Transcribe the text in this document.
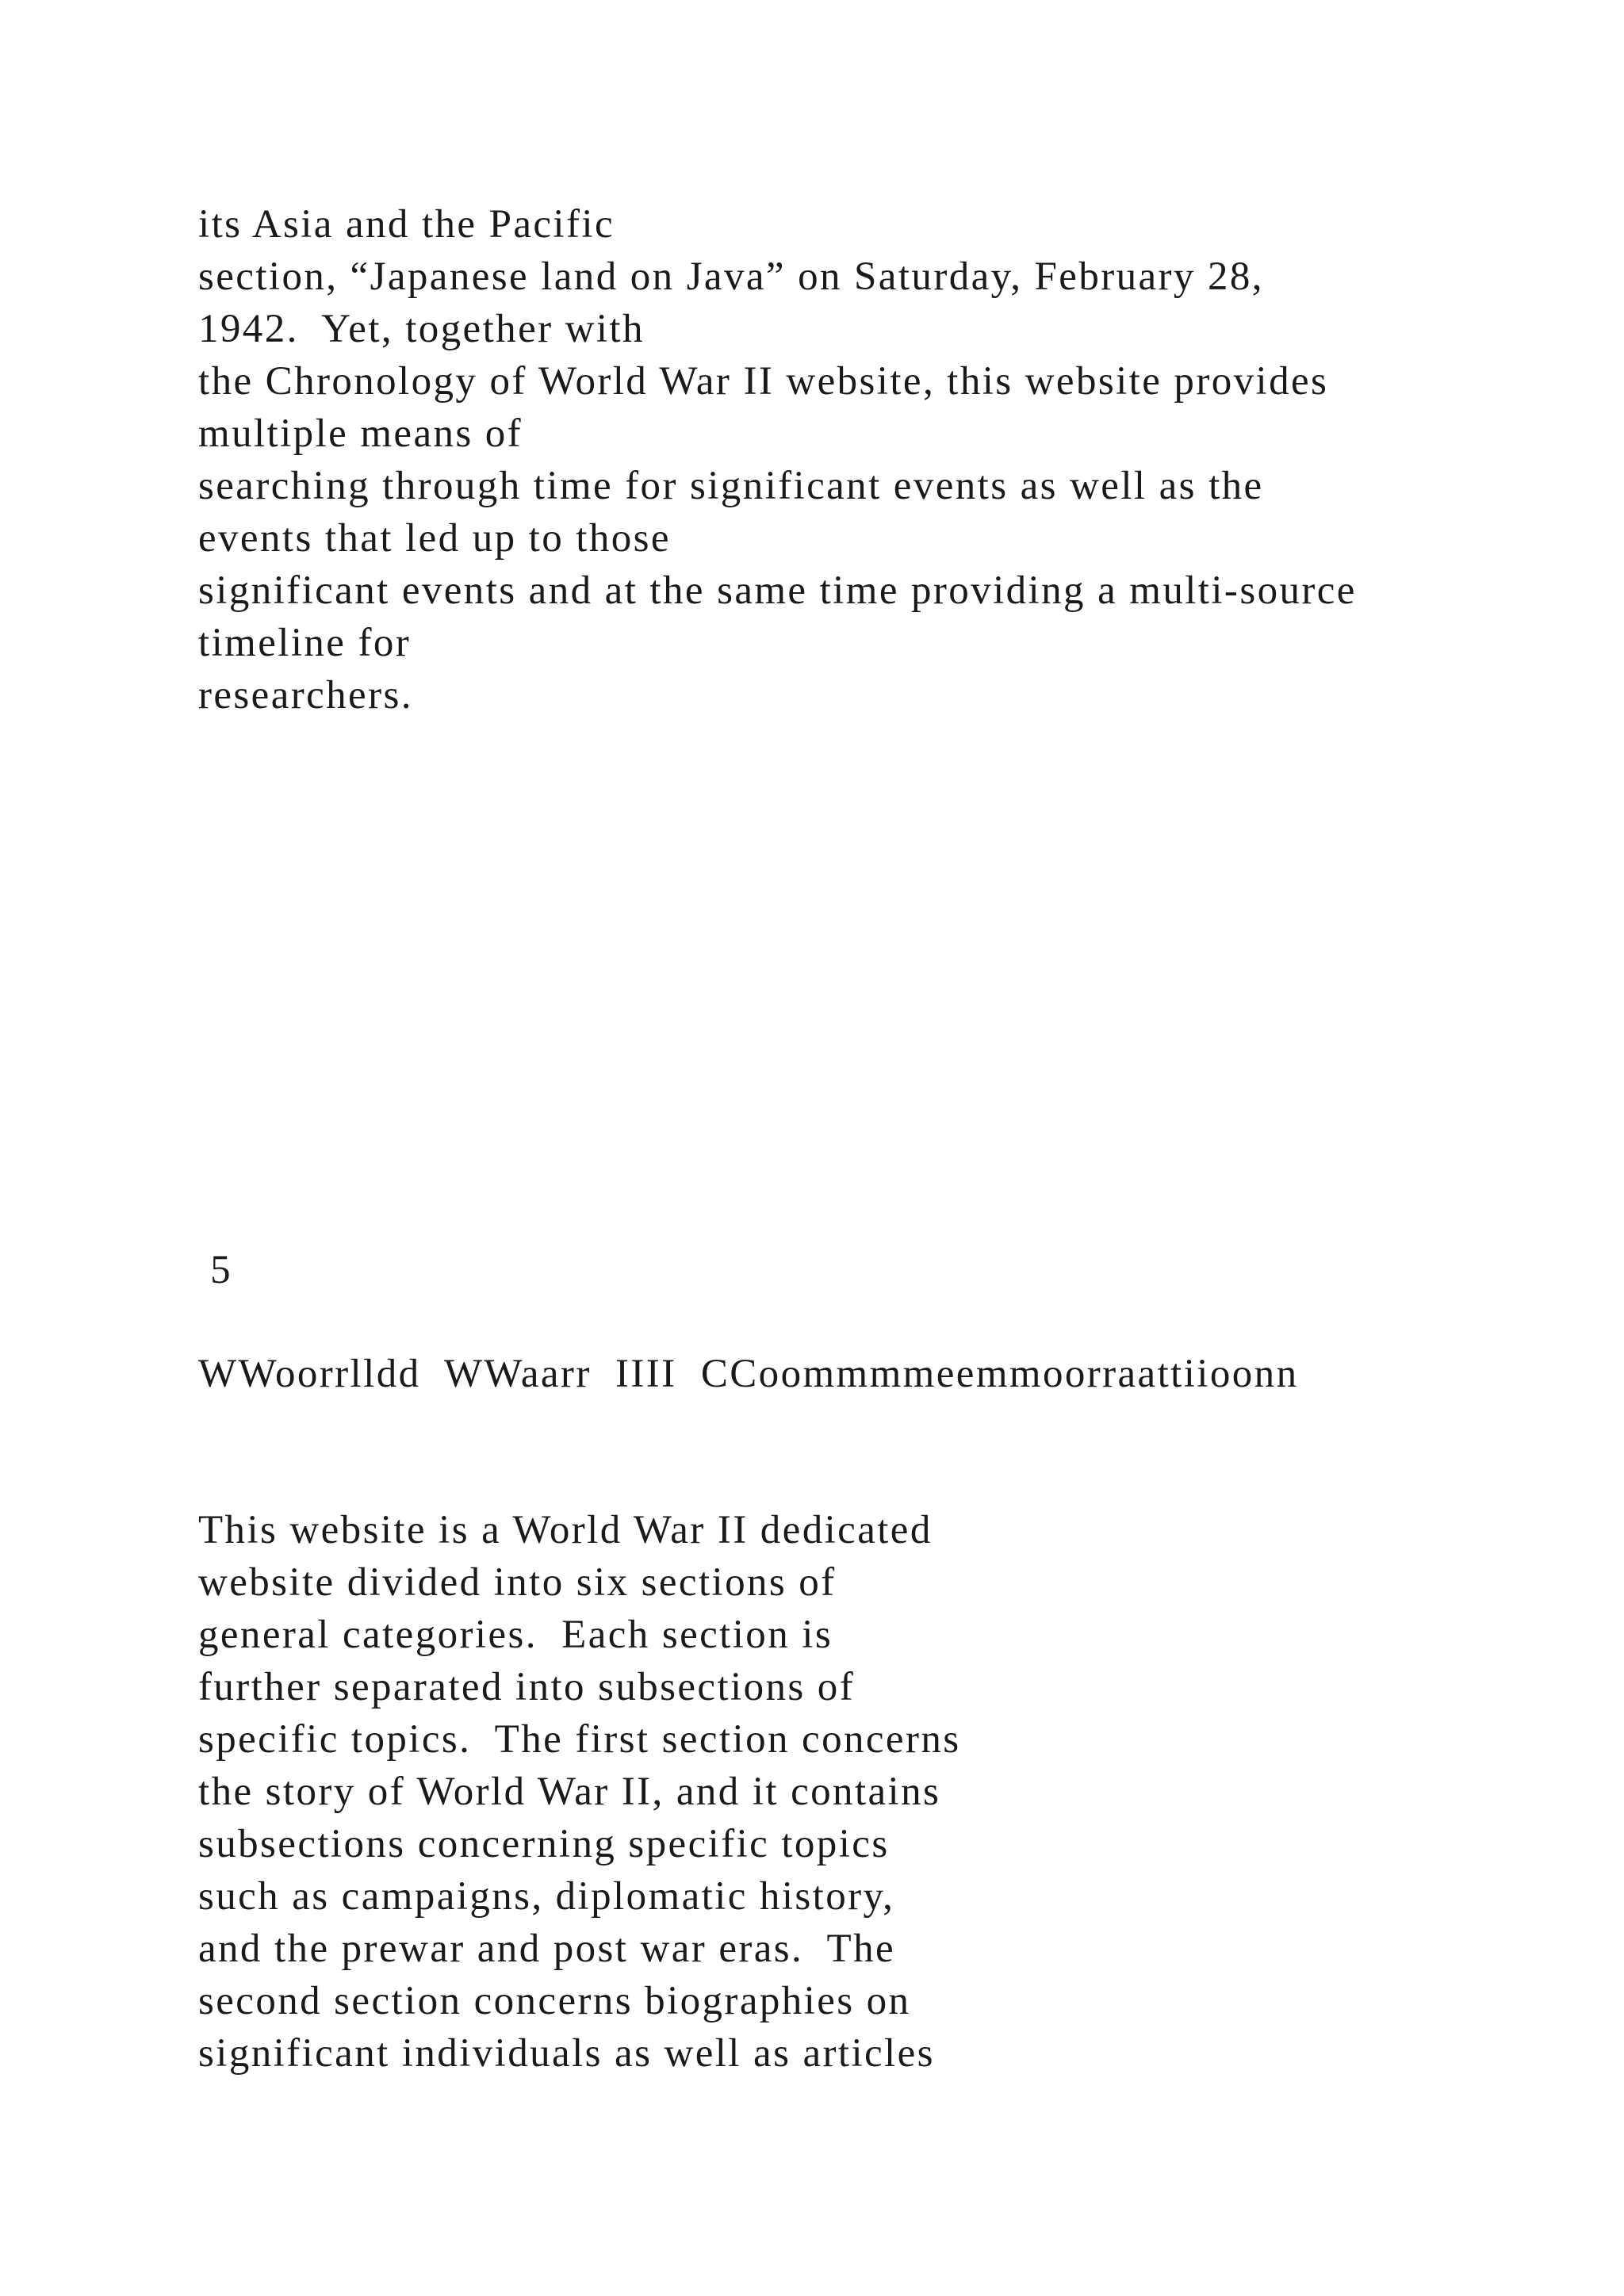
its Asia and the Pacific

section, “Japanese land on Java” on Saturday, February 28,

1942.  Yet, together with

the Chronology of World War II website, this website provides

multiple means of

searching through time for significant events as well as the

events that led up to those

significant events and at the same time providing a multi-source

timeline for

researchers.

5

WWoorrlldd  WWaarr  IIII  CCoommmmeemmoorraattiioonn

This website is a World War II dedicated

website divided into six sections of

general categories.  Each section is

further separated into subsections of

specific topics.  The first section concerns

the story of World War II, and it contains

subsections concerning specific topics

such as campaigns, diplomatic history,

and the prewar and post war eras.  The

second section concerns biographies on

significant individuals as well as articles
